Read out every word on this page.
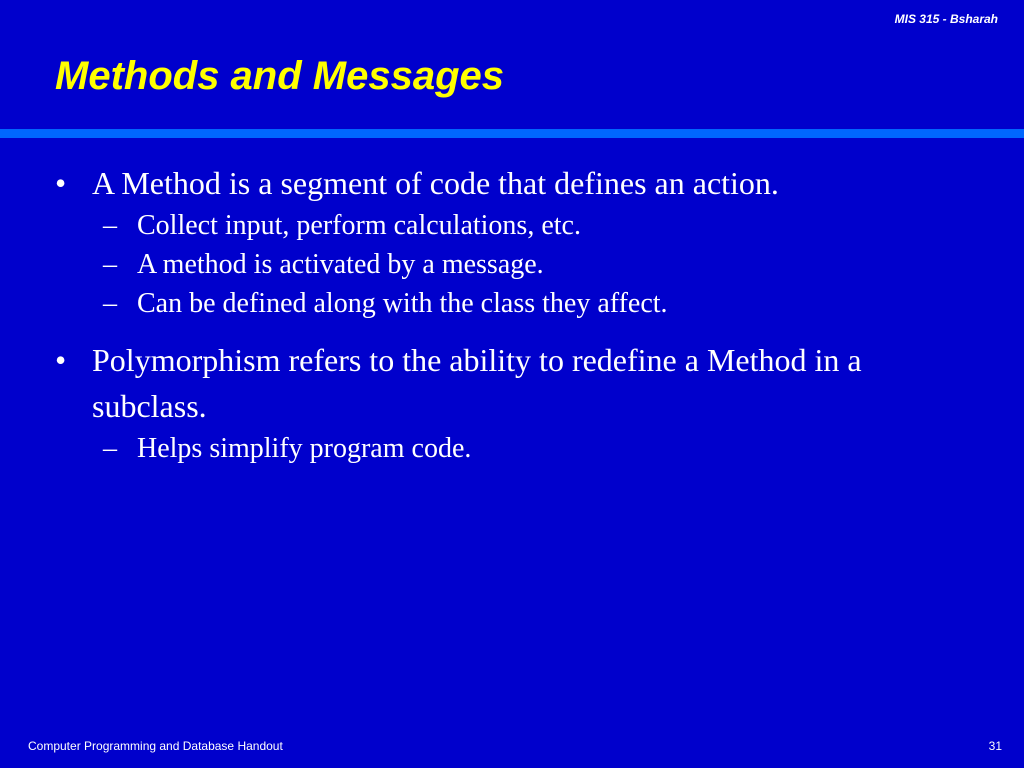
MIS 315 - Bsharah
Methods and Messages
• A Method is a segment of code that defines an action.
– Collect input, perform calculations, etc.
– A method is activated by a message.
– Can be defined along with the class they affect.
• Polymorphism refers to the ability to redefine a Method in a subclass.
– Helps simplify program code.
Computer Programming and Database Handout	31
